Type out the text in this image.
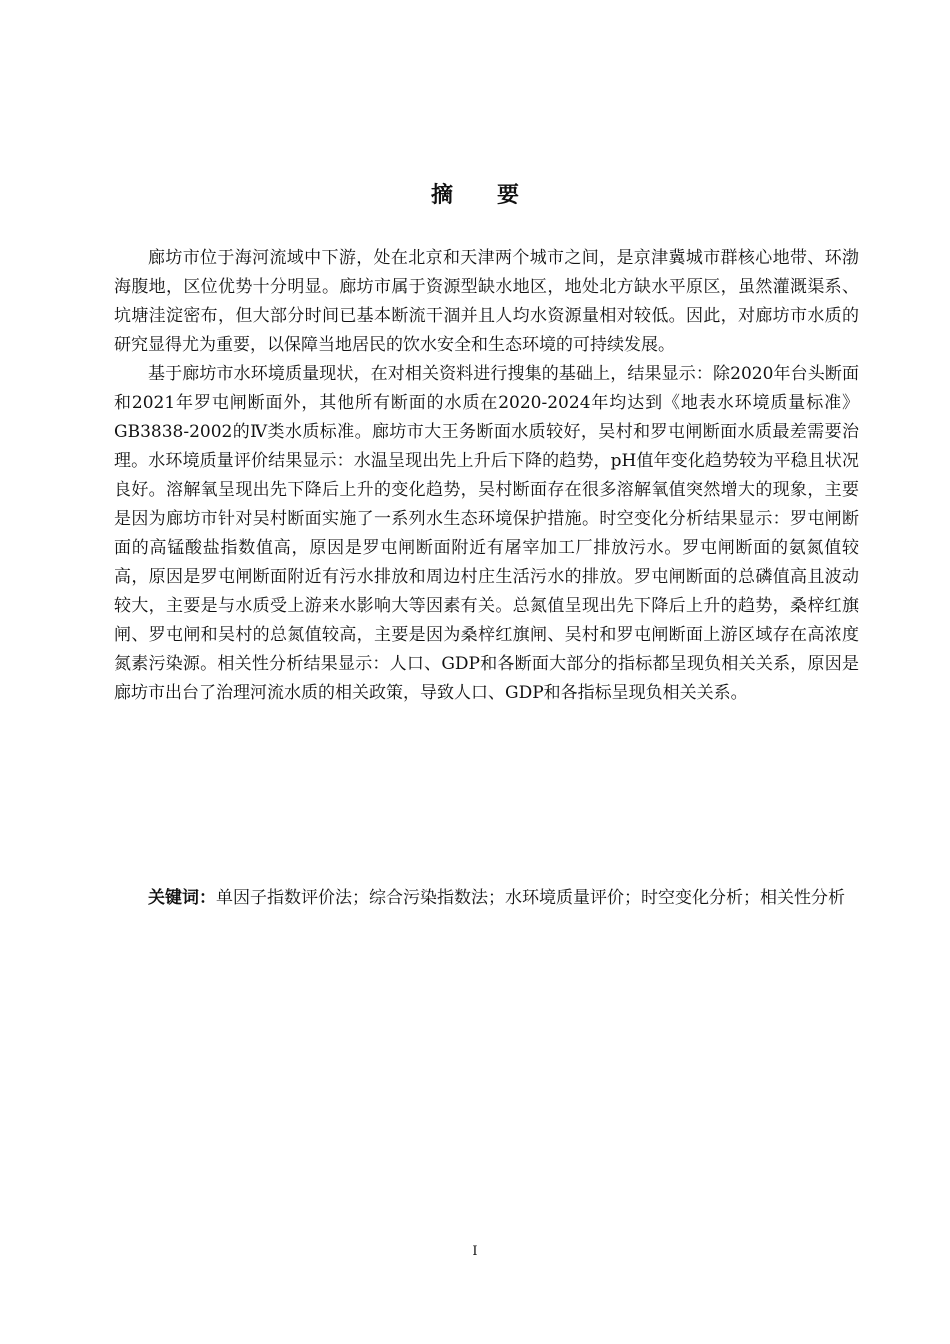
摘 要

廊坊市位于海河流域中下游，处在北京和天津两个城市之间，是京津冀城市群核心地带、环渤海腹地，区位优势十分明显。廊坊市属于资源型缺水地区，地处北方缺水平原区，虽然灌溉渠系、坑塘洼淀密布，但大部分时间已基本断流干涸并且人均水资源量相对较低。因此，对廊坊市水质的研究显得尤为重要，以保障当地居民的饮水安全和生态环境的可持续发展。

基于廊坊市水环境质量现状，在对相关资料进行搜集的基础上，结果显示：除2020年台头断面和2021年罗屯闸断面外，其他所有断面的水质在2020-2024年均达到《地表水环境质量标准》GB3838-2002的Ⅳ类水质标准。廊坊市大王务断面水质较好，吴村和罗屯闸断面水质最差需要治理。水环境质量评价结果显示：水温呈现出先上升后下降的趋势，pH值年变化趋势较为平稳且状况良好。溶解氧呈现出先下降后上升的变化趋势，吴村断面存在很多溶解氧值突然增大的现象，主要是因为廊坊市针对吴村断面实施了一系列水生态环境保护措施。时空变化分析结果显示：罗屯闸断面的高锰酸盐指数值高，原因是罗屯闸断面附近有屠宰加工厂排放污水。罗屯闸断面的氨氮值较高，原因是罗屯闸断面附近有污水排放和周边村庄生活污水的排放。罗屯闸断面的总磷值高且波动较大，主要是与水质受上游来水影响大等因素有关。总氮值呈现出先下降后上升的趋势，桑梓红旗闸、罗屯闸和吴村的总氮值较高，主要是因为桑梓红旗闸、吴村和罗屯闸断面上游区域存在高浓度氮素污染源。相关性分析结果显示：人口、GDP和各断面大部分的指标都呈现负相关关系，原因是廊坊市出台了治理河流水质的相关政策，导致人口、GDP和各指标呈现负相关关系。

关键词：单因子指数评价法；综合污染指数法；水环境质量评价；时空变化分析；相关性分析
I
